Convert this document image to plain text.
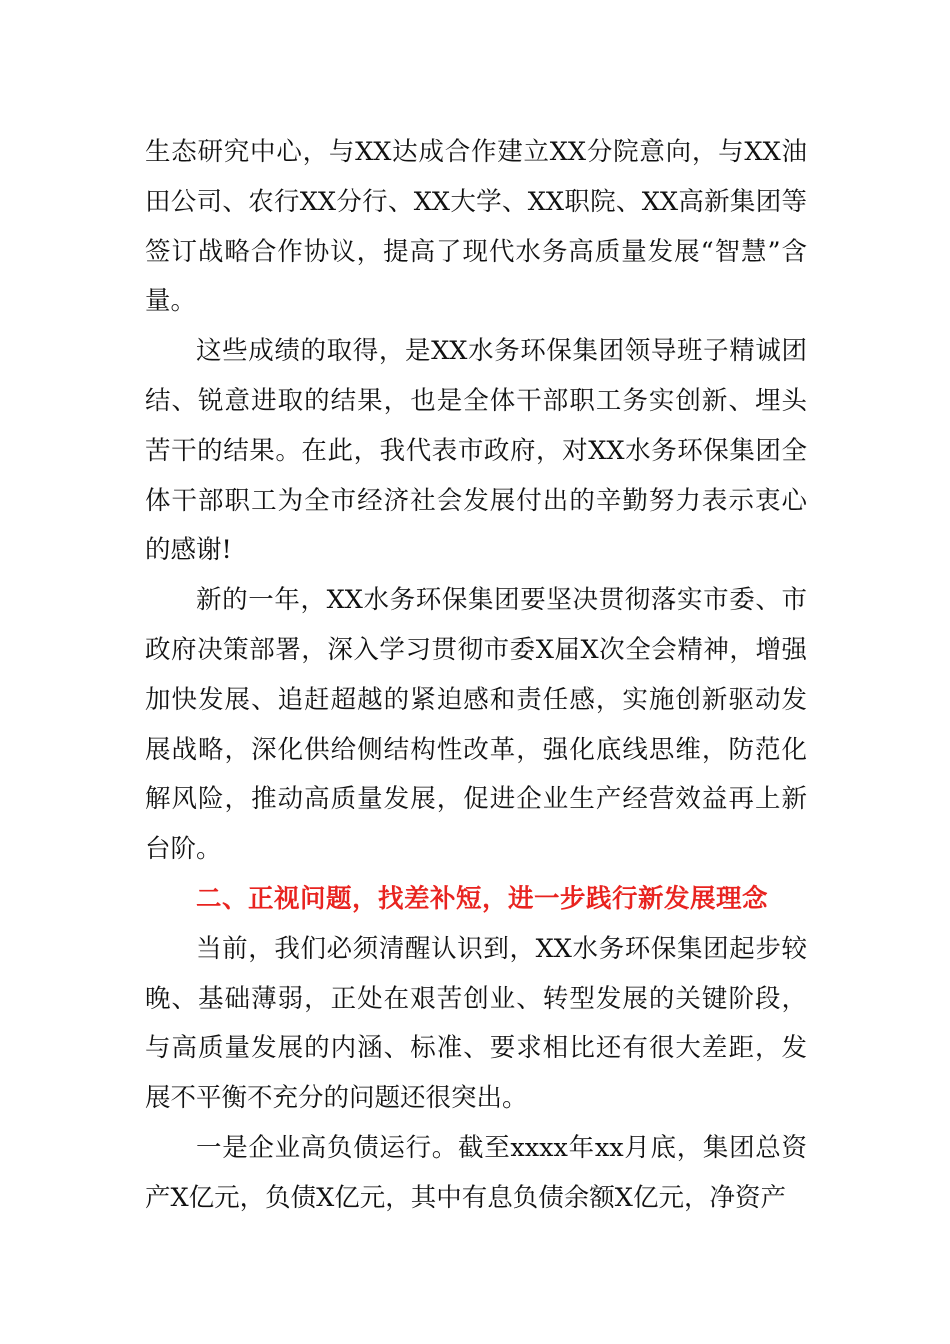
生态研究中心，与XX达成合作建立XX分院意向，与XX油田公司、农行XX分行、XX大学、XX职院、XX高新集团等签订战略合作协议，提高了现代水务高质量发展“智慧”含量。

这些成绩的取得，是XX水务环保集团领导班子精诚团结、锐意进取的结果，也是全体干部职工务实创新、埋头苦干的结果。在此，我代表市政府，对XX水务环保集团全体干部职工为全市经济社会发展付出的辛勤努力表示衷心的感谢!

新的一年，XX水务环保集团要坚决贯彻落实市委、市政府决策部署，深入学习贯彻市委X届X次全会精神，增强加快发展、追赶超越的紧迫感和责任感，实施创新驱动发展战略，深化供给侧结构性改革，强化底线思维，防范化解风险，推动高质量发展，促进企业生产经营效益再上新台阶。

二、正视问题，找差补短，进一步践行新发展理念

当前，我们必须清醒认识到，XX水务环保集团起步较晚、基础薄弱，正处在艰苦创业、转型发展的关键阶段，与高质量发展的内涵、标准、要求相比还有很大差距，发展不平衡不充分的问题还很突出。

一是企业高负债运行。截至xxxx年xx月底，集团总资产X亿元，负债X亿元，其中有息负债余额X亿元，净资产
